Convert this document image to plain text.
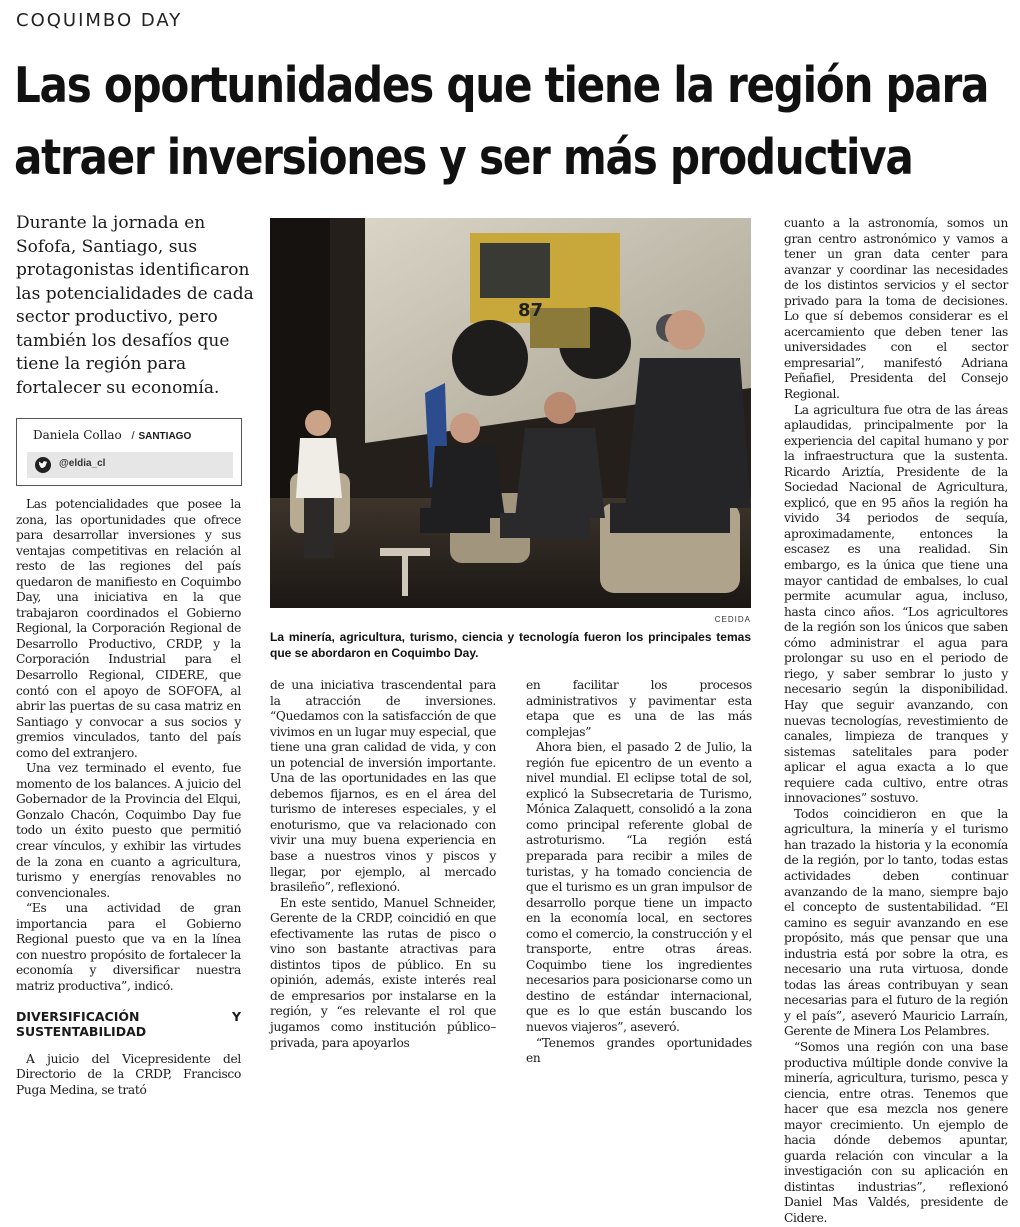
COQUIMBO DAY
Las oportunidades que tiene la región para
atraer inversiones y ser más productiva
Durante la jornada en Sofofa, Santiago, sus protagonistas identificaron las potencialidades de cada sector productivo, pero también los desafíos que tiene la región para fortalecer su economía.
Daniela Collao / SANTIAGO
@eldia_cl
87
CEDIDA
La minería, agricultura, turismo, ciencia y tecnología fueron los principales temas que se abordaron en Coquimbo Day.

Las potencialidades que posee la zona, las oportunidades que ofrece para desarrollar inversiones y sus ventajas competitivas en relación al resto de las regiones del país quedaron de manifiesto en Coquimbo Day, una iniciativa en la que trabajaron coordinados el Gobierno Regional, la Corporación Regional de Desarrollo Productivo, CRDP, y la Corporación Industrial para el Desarrollo Regional, CIDERE, que contó con el apoyo de SOFOFA, al abrir las puertas de su casa matriz en Santiago y convocar a sus socios y gremios vinculados, tanto del país como del extranjero.

Una vez terminado el evento, fue momento de los balances. A juicio del Gobernador de la Provincia del Elqui, Gonzalo Chacón, Coquimbo Day fue todo un éxito puesto que permitió crear vínculos, y exhibir las virtudes de la zona en cuanto a agricultura, turismo y energías renovables no convencionales.

“Es una actividad de gran importancia para el Gobierno Regional puesto que va en la línea con nuestro propósito de fortalecer la economía y diversificar nuestra matriz productiva”, indicó.

DIVERSIFICACIÓN Y SUSTENTABILIDAD

A juicio del Vicepresidente del Directorio de la CRDP, Francisco Puga Medina, se trató

de una iniciativa trascendental para la atracción de inversiones. “Quedamos con la satisfacción de que vivimos en un lugar muy especial, que tiene una gran calidad de vida, y con un potencial de inversión importante. Una de las oportunidades en las que debemos fijarnos, es en el área del turismo de intereses especiales, y el enoturismo, que va relacionado con vivir una muy buena experiencia en base a nuestros vinos y piscos y llegar, por ejemplo, al mercado brasileño”, reflexionó.

En este sentido, Manuel Schneider, Gerente de la CRDP, coincidió en que efectivamente las rutas de pisco o vino son bastante atractivas para distintos tipos de público. En su opinión, además, existe interés real de empresarios por instalarse en la región, y “es relevante el rol que jugamos como institución público–privada, para apoyarlos

en facilitar los procesos administrativos y pavimentar esta etapa que es una de las más complejas”

Ahora bien, el pasado 2 de Julio, la región fue epicentro de un evento a nivel mundial. El eclipse total de sol, explicó la Subsecretaria de Turismo, Mónica Zalaquett, consolidó a la zona como principal referente global de astroturismo. “La región está preparada para recibir a miles de turistas, y ha tomado conciencia de que el turismo es un gran impulsor de desarrollo porque tiene un impacto en la economía local, en sectores como el comercio, la construcción y el transporte, entre otras áreas. Coquimbo tiene los ingredientes necesarios para posicionarse como un destino de estándar internacional, que es lo que están buscando los nuevos viajeros”, aseveró.

“Tenemos grandes oportunidades en

cuanto a la astronomía, somos un gran centro astronómico y vamos a tener un gran data center para avanzar y coordinar las necesidades de los distintos servicios y el sector privado para la toma de decisiones. Lo que sí debemos considerar es el acercamiento que deben tener las universidades con el sector empresarial”, manifestó Adriana Peñafiel, Presidenta del Consejo Regional.

La agricultura fue otra de las áreas aplaudidas, principalmente por la experiencia del capital humano y por la infraestructura que la sustenta. Ricardo Ariztía, Presidente de la Sociedad Nacional de Agricultura, explicó, que en 95 años la región ha vivido 34 periodos de sequía, aproximadamente, entonces la escasez es una realidad. Sin embargo, es la única que tiene una mayor cantidad de embalses, lo cual permite acumular agua, incluso, hasta cinco años. “Los agricultores de la región son los únicos que saben cómo administrar el agua para prolongar su uso en el periodo de riego, y saber sembrar lo justo y necesario según la disponibilidad. Hay que seguir avanzando, con nuevas tecnologías, revestimiento de canales, limpieza de tranques y sistemas satelitales para poder aplicar el agua exacta a lo que requiere cada cultivo, entre otras innovaciones” sostuvo.

Todos coincidieron en que la agricultura, la minería y el turismo han trazado la historia y la economía de la región, por lo tanto, todas estas actividades deben continuar avanzando de la mano, siempre bajo el concepto de sustentabilidad. “El camino es seguir avanzando en ese propósito, más que pensar que una industria está por sobre la otra, es necesario una ruta virtuosa, donde todas las áreas contribuyan y sean necesarias para el futuro de la región y el país”, aseveró Mauricio Larraín, Gerente de Minera Los Pelambres.

“Somos una región con una base productiva múltiple donde convive la minería, agricultura, turismo, pesca y ciencia, entre otras. Tenemos que hacer que esa mezcla nos genere mayor crecimiento. Un ejemplo de hacia dónde debemos apuntar, guarda relación con vincular a la investigación con su aplicación en distintas industrias”, reflexionó Daniel Mas Valdés, presidente de Cidere.
